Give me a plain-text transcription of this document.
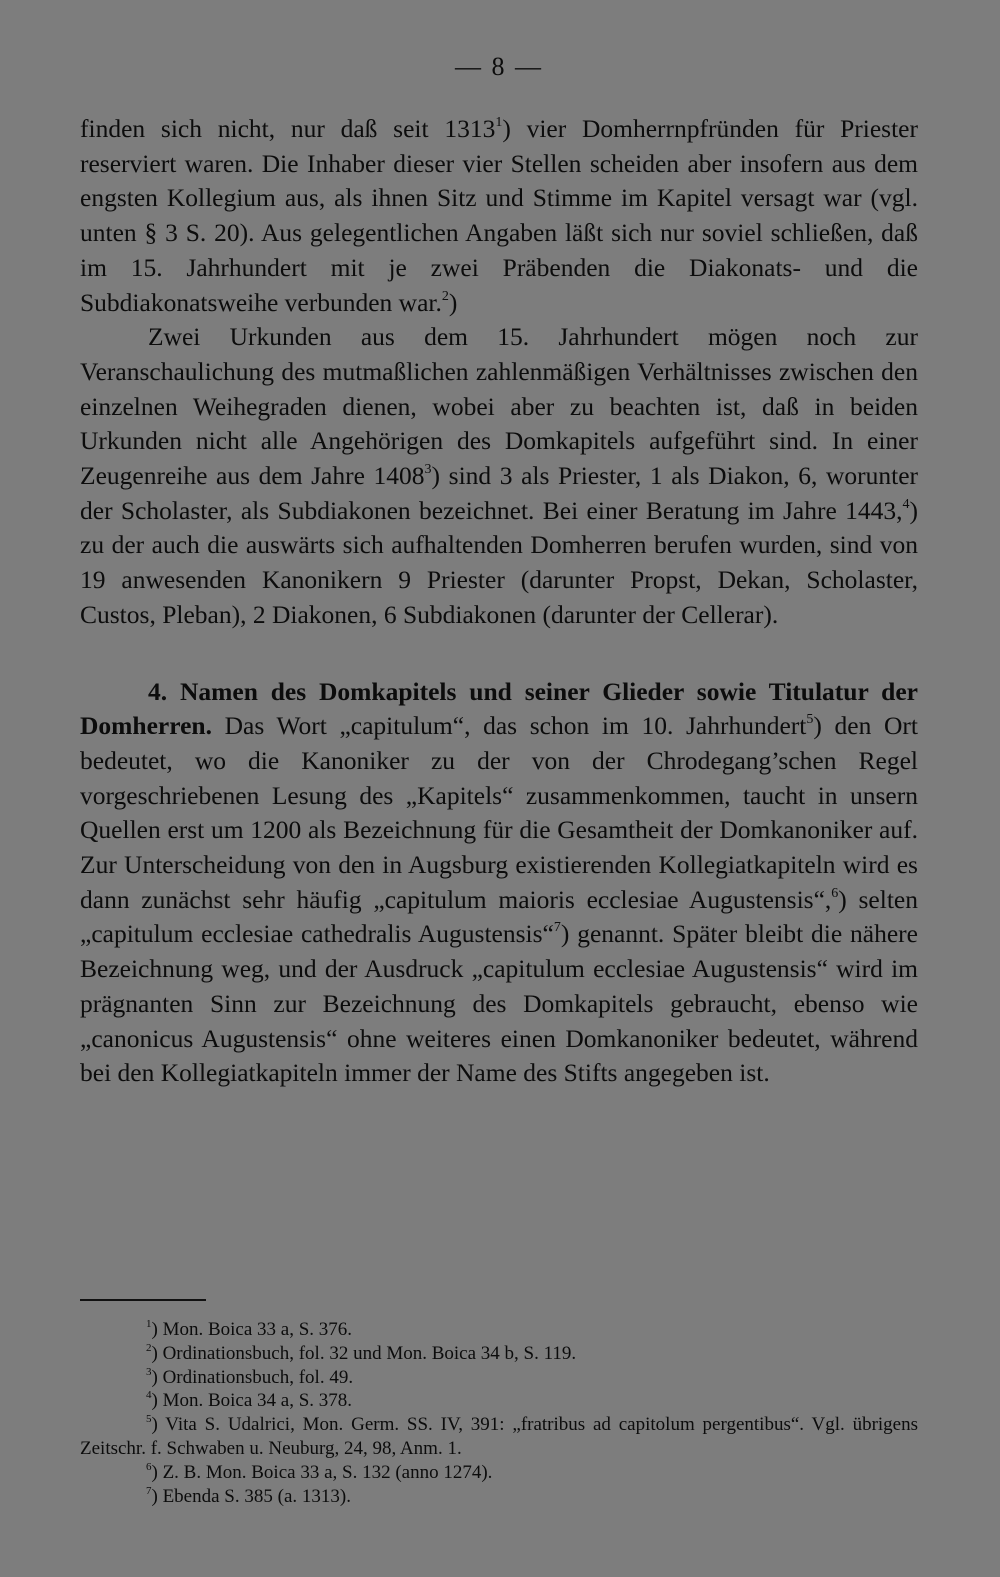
— 8 —

finden sich nicht, nur daß seit 1313$^1$) vier Domherrnpfründen für Priester reserviert waren. Die Inhaber dieser vier Stellen scheiden aber insofern aus dem engsten Kollegium aus, als ihnen Sitz und Stimme im Kapitel versagt war (vgl. unten § 3 S. 20). Aus gelegentlichen Angaben läßt sich nur soviel schließen, daß im 15. Jahrhundert mit je zwei Präbenden die Diakonats- und die Subdiakonatsweihe verbunden war.$^2$)

Zwei Urkunden aus dem 15. Jahrhundert mögen noch zur Veranschaulichung des mutmaßlichen zahlenmäßigen Verhältnisses zwischen den einzelnen Weihegraden dienen, wobei aber zu beachten ist, daß in beiden Urkunden nicht alle Angehörigen des Domkapitels aufgeführt sind. In einer Zeugenreihe aus dem Jahre 1408$^3$) sind 3 als Priester, 1 als Diakon, 6, worunter der Scholaster, als Subdiakonen bezeichnet. Bei einer Beratung im Jahre 1443,$^4$) zu der auch die auswärts sich aufhaltenden Domherren berufen wurden, sind von 19 anwesenden Kanonikern 9 Priester (darunter Propst, Dekan, Scholaster, Custos, Pleban), 2 Diakonen, 6 Subdiakonen (darunter der Cellerar).

4. Namen des Domkapitels und seiner Glieder sowie Titulatur der Domherren. Das Wort „capitulum“, das schon im 10. Jahrhundert$^5$) den Ort bedeutet, wo die Kanoniker zu der von der Chrodegang’schen Regel vorgeschriebenen Lesung des „Kapitels“ zusammenkommen, taucht in unsern Quellen erst um 1200 als Bezeichnung für die Gesamtheit der Domkanoniker auf. Zur Unterscheidung von den in Augsburg existierenden Kollegiatkapiteln wird es dann zunächst sehr häufig „capitulum maioris ecclesiae Augustensis“,$^6$) selten „capitulum ecclesiae cathedralis Augustensis“$^7$) genannt. Später bleibt die nähere Bezeichnung weg, und der Ausdruck „capitulum ecclesiae Augustensis“ wird im prägnanten Sinn zur Bezeichnung des Domkapitels gebraucht, ebenso wie „canonicus Augustensis“ ohne weiteres einen Domkanoniker bedeutet, während bei den Kollegiatkapiteln immer der Name des Stifts angegeben ist.

$^1$) Mon. Boica 33 a, S. 376.

$^2$) Ordinationsbuch, fol. 32 und Mon. Boica 34 b, S. 119.

$^3$) Ordinationsbuch, fol. 49.

$^4$) Mon. Boica 34 a, S. 378.

$^5$) Vita S. Udalrici, Mon. Germ. SS. IV, 391: „fratribus ad capitolum pergentibus“. Vgl. übrigens Zeitschr. f. Schwaben u. Neuburg, 24, 98, Anm. 1.

$^6$) Z. B. Mon. Boica 33 a, S. 132 (anno 1274).

$^7$) Ebenda S. 385 (a. 1313).
